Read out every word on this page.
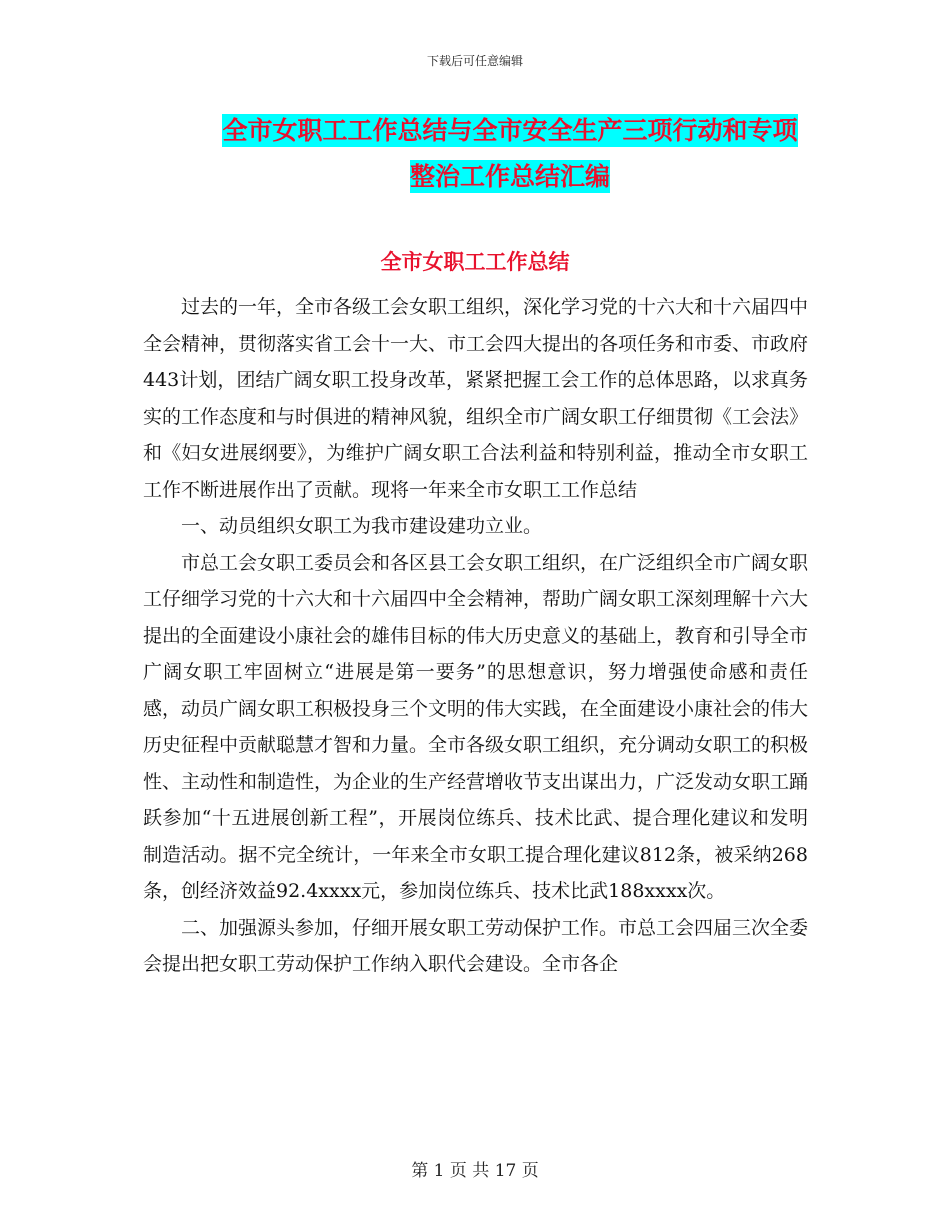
下载后可任意编辑
全市女职工工作总结与全市安全生产三项行动和专项
整治工作总结汇编
全市女职工工作总结

过去的一年，全市各级工会女职工组织，深化学习党的十六大和十六届四中全会精神，贯彻落实省工会十一大、市工会四大提出的各项任务和市委、市政府443计划，团结广阔女职工投身改革，紧紧把握工会工作的总体思路，以求真务实的工作态度和与时俱进的精神风貌，组织全市广阔女职工仔细贯彻《工会法》和《妇女进展纲要》，为维护广阔女职工合法利益和特别利益，推动全市女职工工作不断进展作出了贡献。现将一年来全市女职工工作总结

一、动员组织女职工为我市建设建功立业。

市总工会女职工委员会和各区县工会女职工组织，在广泛组织全市广阔女职工仔细学习党的十六大和十六届四中全会精神，帮助广阔女职工深刻理解十六大提出的全面建设小康社会的雄伟目标的伟大历史意义的基础上，教育和引导全市广阔女职工牢固树立“进展是第一要务”的思想意识，努力增强使命感和责任感，动员广阔女职工积极投身三个文明的伟大实践，在全面建设小康社会的伟大历史征程中贡献聪慧才智和力量。全市各级女职工组织，充分调动女职工的积极性、主动性和制造性，为企业的生产经营增收节支出谋出力，广泛发动女职工踊跃参加“十五进展创新工程”，开展岗位练兵、技术比武、提合理化建议和发明制造活动。据不完全统计，一年来全市女职工提合理化建议812条，被采纳268条，创经济效益92.4xxxx元，参加岗位练兵、技术比武188xxxx次。

二、加强源头参加，仔细开展女职工劳动保护工作。市总工会四届三次全委会提出把女职工劳动保护工作纳入职代会建设。全市各企

第 1 页 共 17 页
